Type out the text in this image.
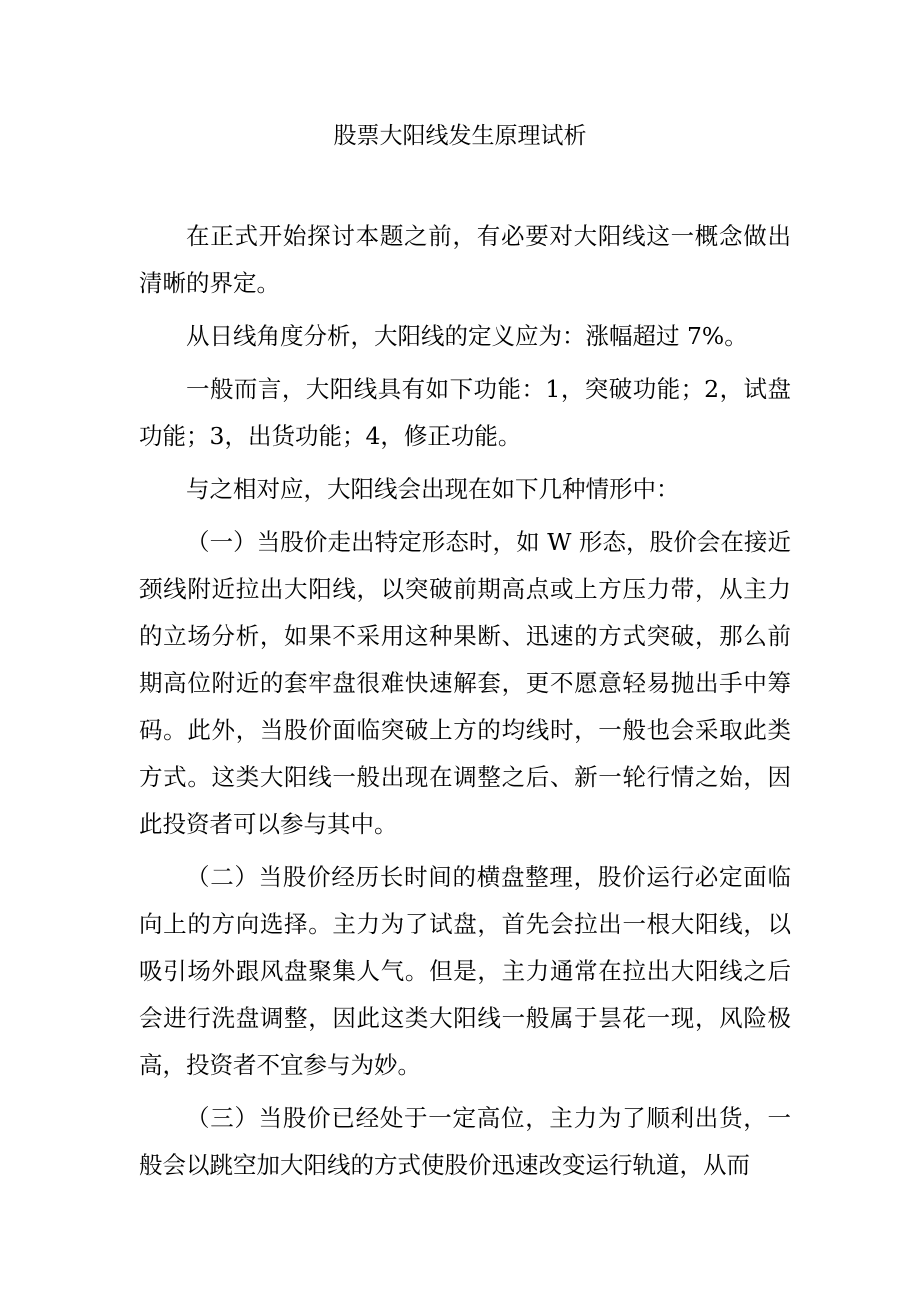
股票大阳线发生原理试析

在正式开始探讨本题之前，有必要对大阳线这一概念做出清晰的界定。

从日线角度分析，大阳线的定义应为：涨幅超过 7%。

一般而言，大阳线具有如下功能：1，突破功能；2，试盘功能；3，出货功能；4，修正功能。

与之相对应，大阳线会出现在如下几种情形中：

（一）当股价走出特定形态时，如 W 形态，股价会在接近颈线附近拉出大阳线，以突破前期高点或上方压力带，从主力的立场分析，如果不采用这种果断、迅速的方式突破，那么前期高位附近的套牢盘很难快速解套，更不愿意轻易抛出手中筹码。此外，当股价面临突破上方的均线时，一般也会采取此类方式。这类大阳线一般出现在调整之后、新一轮行情之始，因此投资者可以参与其中。

（二）当股价经历长时间的横盘整理，股价运行必定面临向上的方向选择。主力为了试盘，首先会拉出一根大阳线，以吸引场外跟风盘聚集人气。但是，主力通常在拉出大阳线之后会进行洗盘调整，因此这类大阳线一般属于昙花一现，风险极高，投资者不宜参与为妙。

（三）当股价已经处于一定高位，主力为了顺利出货，一般会以跳空加大阳线的方式使股价迅速改变运行轨道，从而
